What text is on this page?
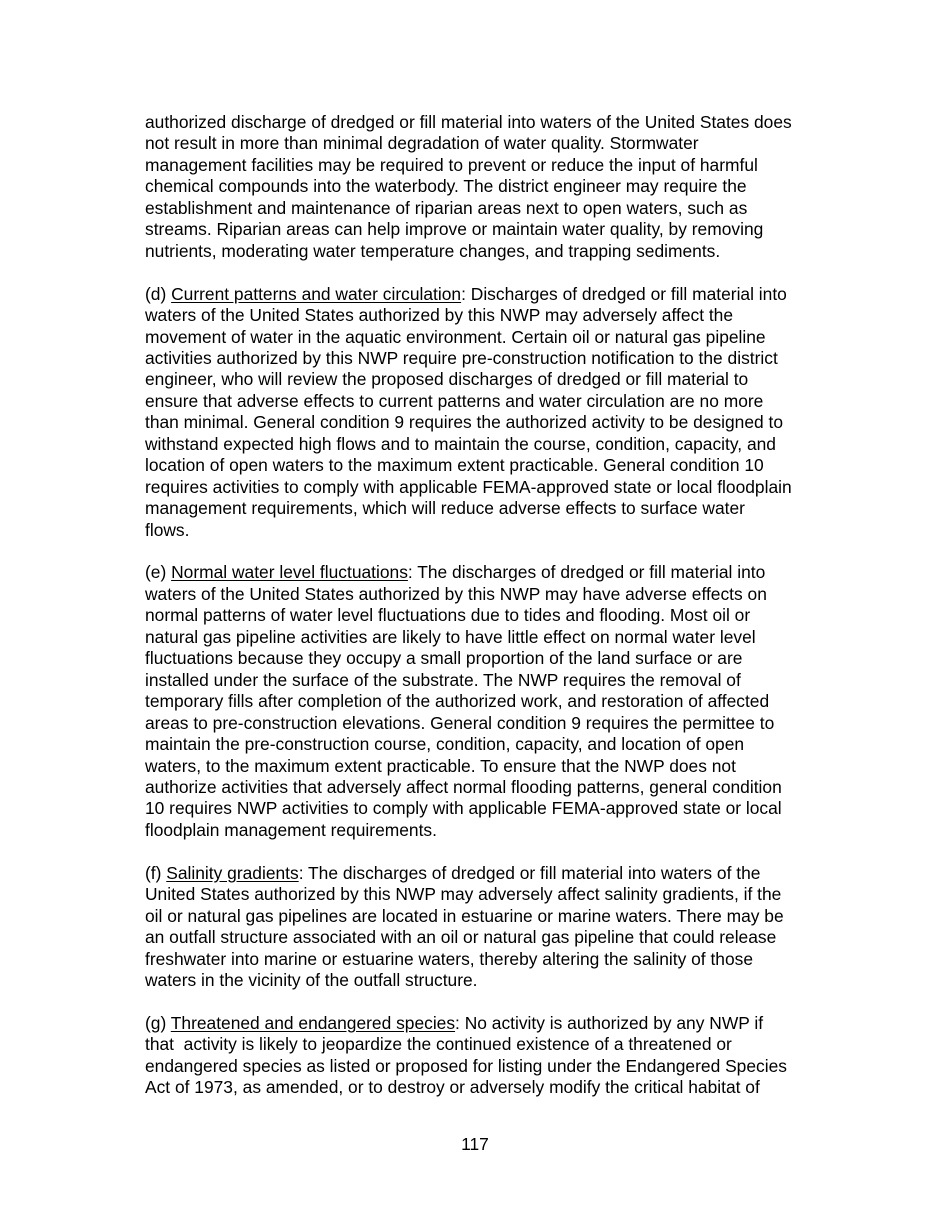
authorized discharge of dredged or fill material into waters of the United States does
not result in more than minimal degradation of water quality. Stormwater
management facilities may be required to prevent or reduce the input of harmful
chemical compounds into the waterbody. The district engineer may require the
establishment and maintenance of riparian areas next to open waters, such as
streams. Riparian areas can help improve or maintain water quality, by removing
nutrients, moderating water temperature changes, and trapping sediments.

(d) Current patterns and water circulation: Discharges of dredged or fill material into
waters of the United States authorized by this NWP may adversely affect the
movement of water in the aquatic environment. Certain oil or natural gas pipeline
activities authorized by this NWP require pre-construction notification to the district
engineer, who will review the proposed discharges of dredged or fill material to
ensure that adverse effects to current patterns and water circulation are no more
than minimal. General condition 9 requires the authorized activity to be designed to
withstand expected high flows and to maintain the course, condition, capacity, and
location of open waters to the maximum extent practicable. General condition 10
requires activities to comply with applicable FEMA-approved state or local floodplain
management requirements, which will reduce adverse effects to surface water
flows.

(e) Normal water level fluctuations: The discharges of dredged or fill material into
waters of the United States authorized by this NWP may have adverse effects on
normal patterns of water level fluctuations due to tides and flooding. Most oil or
natural gas pipeline activities are likely to have little effect on normal water level
fluctuations because they occupy a small proportion of the land surface or are
installed under the surface of the substrate. The NWP requires the removal of
temporary fills after completion of the authorized work, and restoration of affected
areas to pre-construction elevations. General condition 9 requires the permittee to
maintain the pre-construction course, condition, capacity, and location of open
waters, to the maximum extent practicable. To ensure that the NWP does not
authorize activities that adversely affect normal flooding patterns, general condition
10 requires NWP activities to comply with applicable FEMA-approved state or local
floodplain management requirements.

(f) Salinity gradients: The discharges of dredged or fill material into waters of the
United States authorized by this NWP may adversely affect salinity gradients, if the
oil or natural gas pipelines are located in estuarine or marine waters. There may be
an outfall structure associated with an oil or natural gas pipeline that could release
freshwater into marine or estuarine waters, thereby altering the salinity of those
waters in the vicinity of the outfall structure.

(g) Threatened and endangered species: No activity is authorized by any NWP if
that  activity is likely to jeopardize the continued existence of a threatened or
endangered species as listed or proposed for listing under the Endangered Species
Act of 1973, as amended, or to destroy or adversely modify the critical habitat of

117
